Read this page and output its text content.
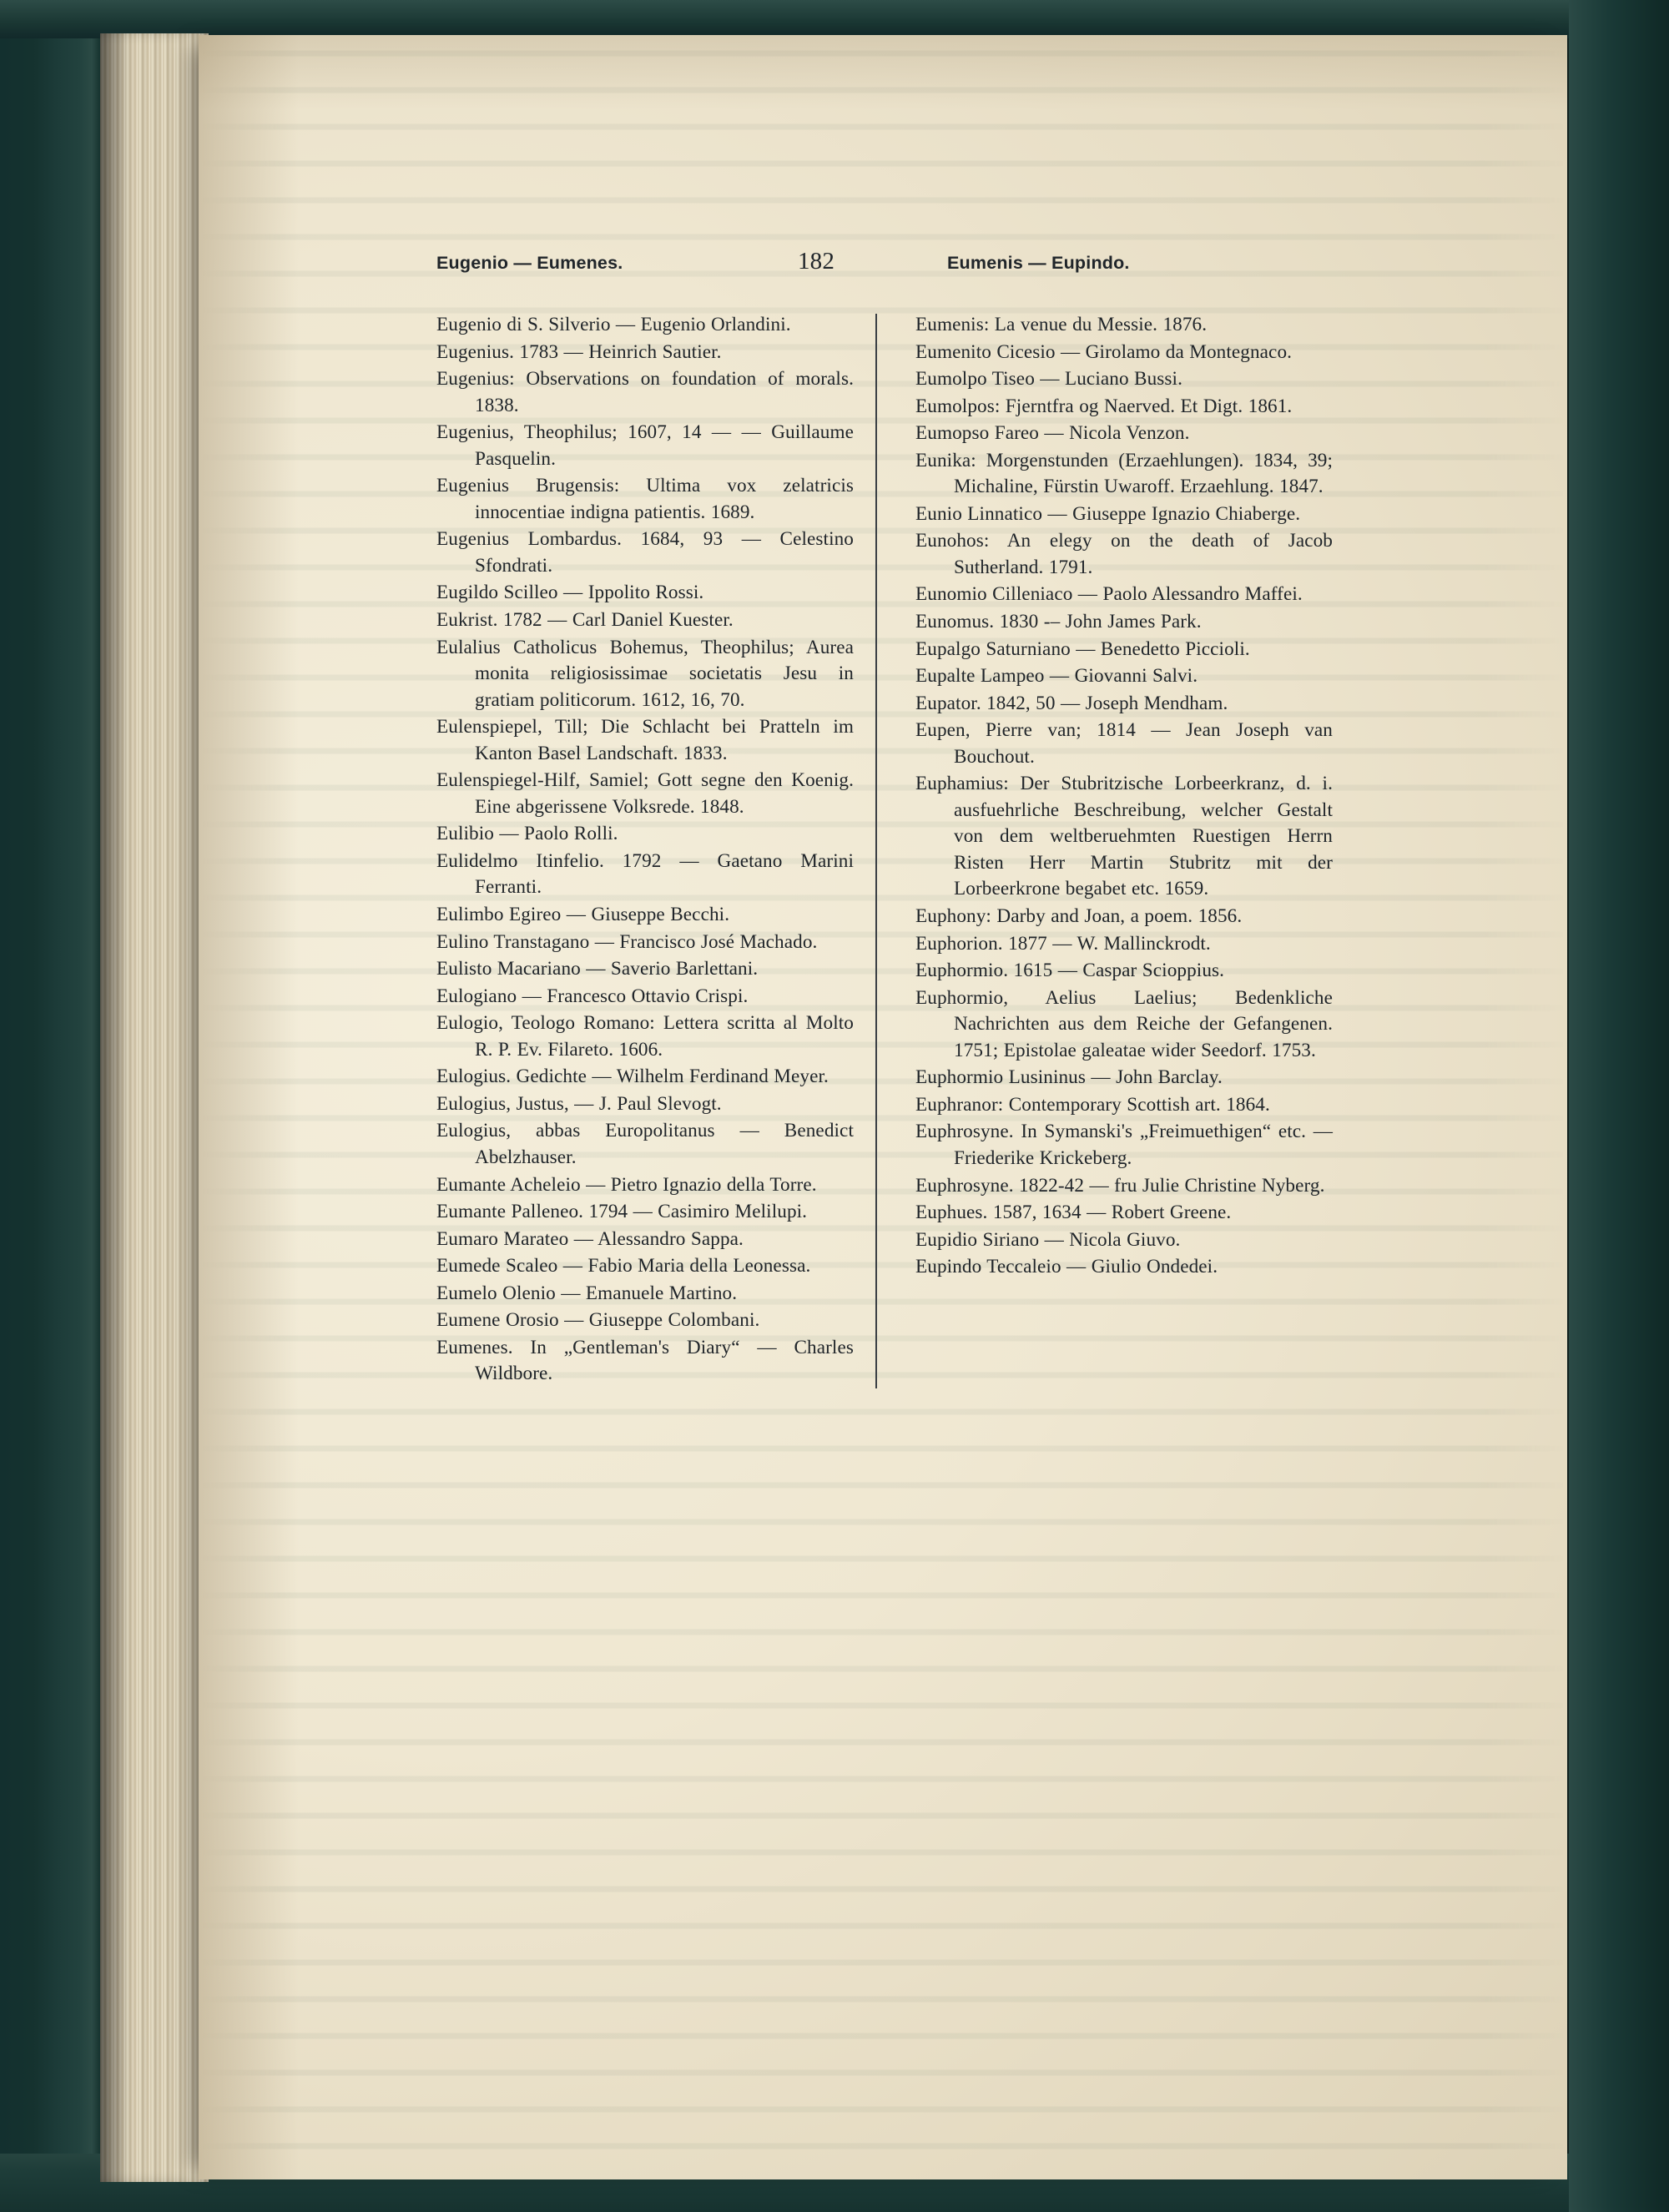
Eugenio — Eumenes.	182	Eumenis — Eupindo.

Eugenio di S. Silverio — Eugenio Orlandini.

Eugenius. 1783 — Heinrich Sautier.

Eugenius: Observations on foundation of morals. 1838.

Eugenius, Theophilus; 1607, 14 — — Guillaume Pasquelin.

Eugenius Brugensis: Ultima vox zelatricis innocentiae indigna patientis. 1689.

Eugenius Lombardus. 1684, 93 — Celestino Sfondrati.

Eugildo Scilleo — Ippolito Rossi.

Eukrist. 1782 — Carl Daniel Kuester.

Eulalius Catholicus Bohemus, Theophilus; Aurea monita religiosissimae societatis Jesu in gratiam politicorum. 1612, 16, 70.

Eulenspiepel, Till; Die Schlacht bei Pratteln im Kanton Basel Landschaft. 1833.

Eulenspiegel-Hilf, Samiel; Gott segne den Koenig. Eine abgerissene Volksrede. 1848.

Eulibio — Paolo Rolli.

Eulidelmo Itinfelio. 1792 — Gaetano Marini Ferranti.

Eulimbo Egireo — Giuseppe Becchi.

Eulino Transtagano — Francisco José Machado.

Eulisto Macariano — Saverio Barlettani.

Eulogiano — Francesco Ottavio Crispi.

Eulogio, Teologo Romano: Lettera scritta al Molto R. P. Ev. Filareto. 1606.

Eulogius. Gedichte — Wilhelm Ferdinand Meyer.

Eulogius, Justus, — J. Paul Slevogt.

Eulogius, abbas Europolitanus — Benedict Abelzhauser.

Eumante Acheleio — Pietro Ignazio della Torre.

Eumante Palleneo. 1794 — Casimiro Melilupi.

Eumaro Marateo — Alessandro Sappa.

Eumede Scaleo — Fabio Maria della Leonessa.

Eumelo Olenio — Emanuele Martino.

Eumene Orosio — Giuseppe Colombani.

Eumenes. In „Gentleman's Diary“ — Charles Wildbore.

Eumenis: La venue du Messie. 1876.

Eumenito Cicesio — Girolamo da Montegnaco.

Eumolpo Tiseo — Luciano Bussi.

Eumolpos: Fjerntfra og Naerved. Et Digt. 1861.

Eumopso Fareo — Nicola Venzon.

Eunika: Morgenstunden (Erzaehlungen). 1834, 39; Michaline, Fürstin Uwaroff. Erzaehlung. 1847.

Eunio Linnatico — Giuseppe Ignazio Chiaberge.

Eunohos: An elegy on the death of Jacob Sutherland. 1791.

Eunomio Cilleniaco — Paolo Alessandro Maffei.

Eunomus. 1830 -– John James Park.

Eupalgo Saturniano — Benedetto Piccioli.

Eupalte Lampeo — Giovanni Salvi.

Eupator. 1842, 50 — Joseph Mendham.

Eupen, Pierre van; 1814 — Jean Joseph van Bouchout.

Euphamius: Der Stubritzische Lorbeerkranz, d. i. ausfuehrliche Beschreibung, welcher Gestalt von dem weltberuehmten Ruestigen Herrn Risten Herr Martin Stubritz mit der Lorbeerkrone begabet etc. 1659.

Euphony: Darby and Joan, a poem. 1856.

Euphorion. 1877 — W. Mallinckrodt.

Euphormio. 1615 — Caspar Scioppius.

Euphormio, Aelius Laelius; Bedenkliche Nachrichten aus dem Reiche der Gefangenen. 1751; Epistolae galeatae wider Seedorf. 1753.

Euphormio Lusininus — John Barclay.

Euphranor: Contemporary Scottish art. 1864.

Euphrosyne. In Symanski's „Freimuethigen“ etc. — Friederike Krickeberg.

Euphrosyne. 1822-42 — fru Julie Christine Nyberg.

Euphues. 1587, 1634 — Robert Greene.

Eupidio Siriano — Nicola Giuvo.

Eupindo Teccaleio — Giulio Ondedei.
